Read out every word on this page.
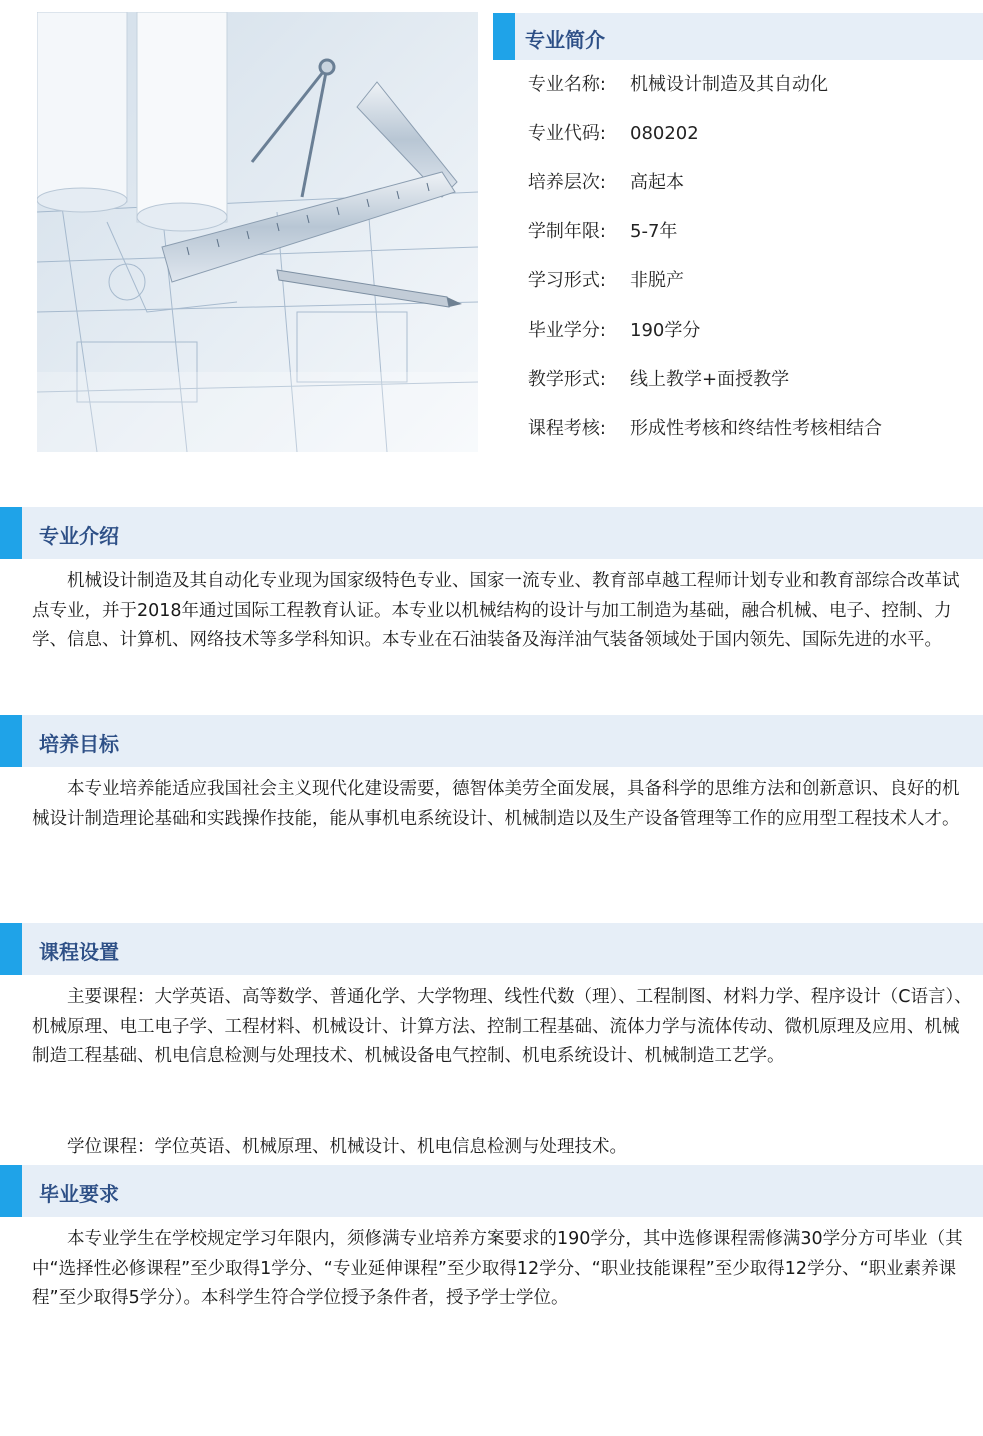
专业简介
专业名称: 机械设计制造及其自动化
专业代码: 080202
培养层次: 高起本
学制年限: 5-7年
学习形式: 非脱产
毕业学分: 190学分
教学形式: 线上教学+面授教学
课程考核: 形成性考核和终结性考核相结合
专业介绍

机械设计制造及其自动化专业现为国家级特色专业、国家一流专业、教育部卓越工程师计划专业和教育部综合改革试点专业，并于2018年通过国际工程教育认证。本专业以机械结构的设计与加工制造为基础，融合机械、电子、控制、力学、信息、计算机、网络技术等多学科知识。本专业在石油装备及海洋油气装备领域处于国内领先、国际先进的水平。

培养目标

本专业培养能适应我国社会主义现代化建设需要，德智体美劳全面发展，具备科学的思维方法和创新意识、良好的机械设计制造理论基础和实践操作技能，能从事机电系统设计、机械制造以及生产设备管理等工作的应用型工程技术人才。

课程设置

主要课程：大学英语、高等数学、普通化学、大学物理、线性代数（理）、工程制图、材料力学、程序设计（C语言）、机械原理、电工电子学、工程材料、机械设计、计算方法、控制工程基础、流体力学与流体传动、微机原理及应用、机械制造工程基础、机电信息检测与处理技术、机械设备电气控制、机电系统设计、机械制造工艺学。

学位课程：学位英语、机械原理、机械设计、机电信息检测与处理技术。

毕业要求

本专业学生在学校规定学习年限内，须修满专业培养方案要求的190学分，其中选修课程需修满30学分方可毕业（其中“选择性必修课程”至少取得1学分、“专业延伸课程”至少取得12学分、“职业技能课程”至少取得12学分、“职业素养课程”至少取得5学分）。本科学生符合学位授予条件者，授予学士学位。
